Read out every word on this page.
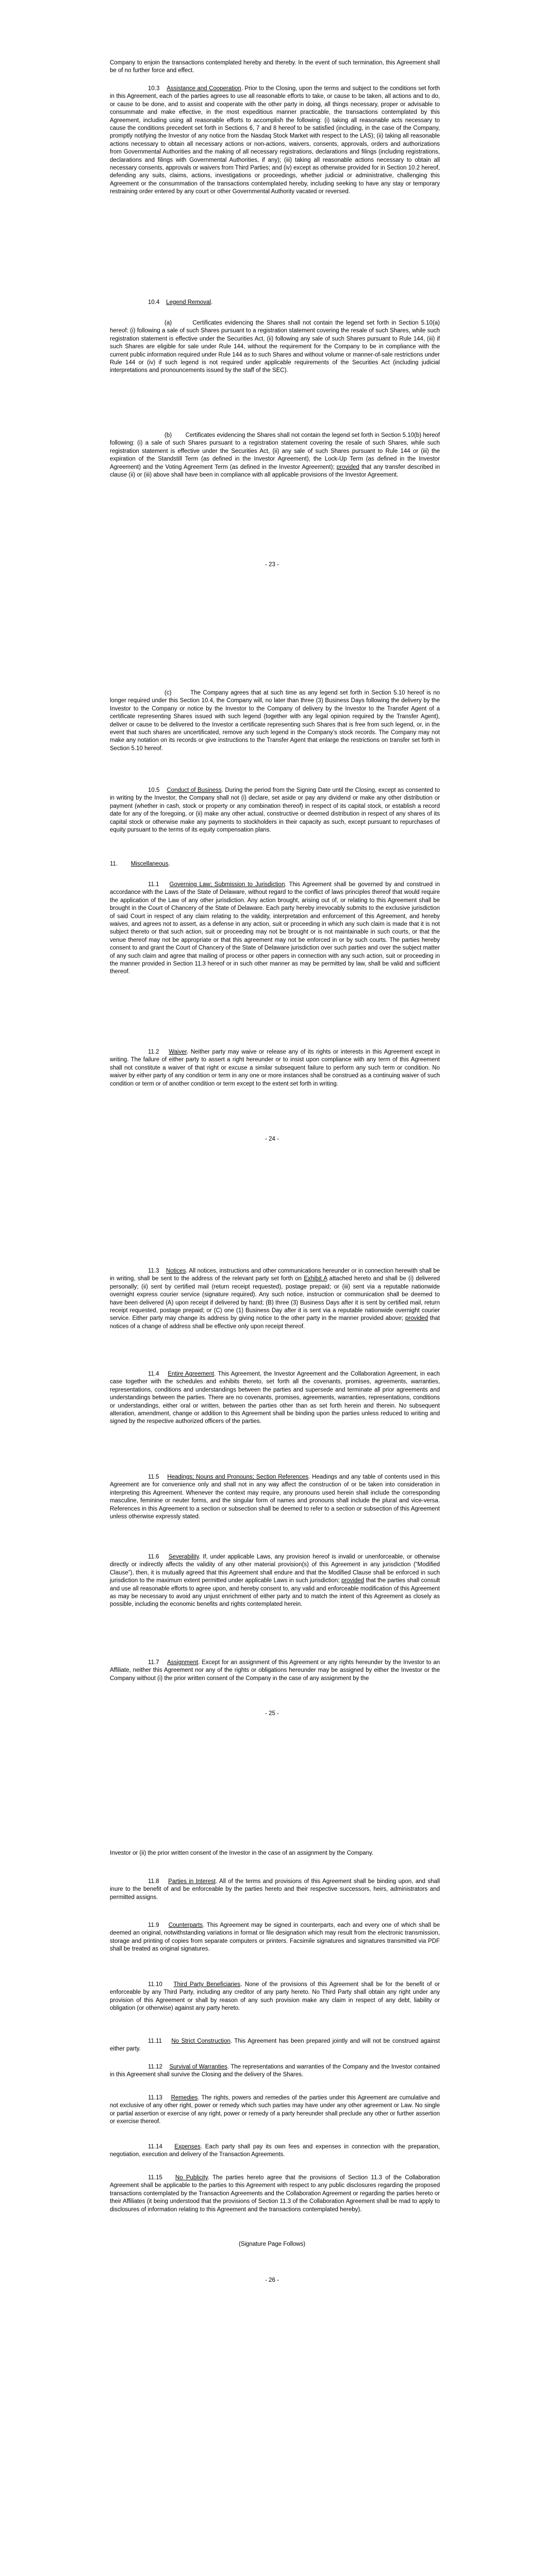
Company to enjoin the transactions contemplated hereby and thereby. In the event of such termination, this Agreement shall be of no further force and effect.

10.3 Assistance and Cooperation. Prior to the Closing, upon the terms and subject to the conditions set forth in this Agreement, each of the parties agrees to use all reasonable efforts to take, or cause to be taken, all actions and to do, or cause to be done, and to assist and cooperate with the other party in doing, all things necessary, proper or advisable to consummate and make effective, in the most expeditious manner practicable, the transactions contemplated by this Agreement, including using all reasonable efforts to accomplish the following: (i) taking all reasonable acts necessary to cause the conditions precedent set forth in Sections 6, 7 and 8 hereof to be satisfied (including, in the case of the Company, promptly notifying the Investor of any notice from the Nasdaq Stock Market with respect to the LAS); (ii) taking all reasonable actions necessary to obtain all necessary actions or non-actions, waivers, consents, approvals, orders and authorizations from Governmental Authorities and the making of all necessary registrations, declarations and filings (including registrations, declarations and filings with Governmental Authorities, if any); (iii) taking all reasonable actions necessary to obtain all necessary consents, approvals or waivers from Third Parties; and (iv) except as otherwise provided for in Section 10.2 hereof, defending any suits, claims, actions, investigations or proceedings, whether judicial or administrative, challenging this Agreement or the consummation of the transactions contemplated hereby, including seeking to have any stay or temporary restraining order entered by any court or other Governmental Authority vacated or reversed.

10.4 Legend Removal.

(a)	Certificates evidencing the Shares shall not contain the legend set forth in Section 5.10(a) hereof: (i) following a sale of such Shares pursuant to a registration statement covering the resale of such Shares, while such registration statement is effective under the Securities Act, (ii) following any sale of such Shares pursuant to Rule 144, (iii) if such Shares are eligible for sale under Rule 144, without the requirement for the Company to be in compliance with the current public information required under Rule 144 as to such Shares and without volume or manner-of-sale restrictions under Rule 144 or (iv) if such legend is not required under applicable requirements of the Securities Act (including judicial interpretations and pronouncements issued by the staff of the SEC).

(b) Certificates evidencing the Shares shall not contain the legend set forth in Section 5.10(b) hereof following: (i) a sale of such Shares pursuant to a registration statement covering the resale of such Shares, while such registration statement is effective under the Securities Act, (ii) any sale of such Shares pursuant to Rule 144 or (iii) the expiration of the Standstill Term (as defined in the Investor Agreement), the Lock-Up Term (as defined in the Investor Agreement) and the Voting Agreement Term (as defined in the Investor Agreement); provided that any transfer described in clause (ii) or (iii) above shall have been in compliance with all applicable provisions of the Investor Agreement.

- 23 -

(c)	The Company agrees that at such time as any legend set forth in Section 5.10 hereof is no longer required under this Section 10.4, the Company will, no later than three (3) Business Days following the delivery by the Investor to the Company or notice by the Investor to the Company of delivery by the Investor to the Transfer Agent of a certificate representing Shares issued with such legend (together with any legal opinion required by the Transfer Agent), deliver or cause to be delivered to the Investor a certificate representing such Shares that is free from such legend, or, in the event that such shares are uncertificated, remove any such legend in the Company’s stock records. The Company may not make any notation on its records or give instructions to the Transfer Agent that enlarge the restrictions on transfer set forth in Section 5.10 hereof.

10.5 Conduct of Business. During the period from the Signing Date until the Closing, except as consented to in writing by the Investor, the Company shall not (i) declare, set aside or pay any dividend or make any other distribution or payment (whether in cash, stock or property or any combination thereof) in respect of its capital stock, or establish a record date for any of the foregoing, or (ii) make any other actual, constructive or deemed distribution in respect of any shares of its capital stock or otherwise make any payments to stockholders in their capacity as such, except pursuant to repurchases of equity pursuant to the terms of its equity compensation plans.

11. Miscellaneous.

11.1 Governing Law; Submission to Jurisdiction. This Agreement shall be governed by and construed in accordance with the Laws of the State of Delaware, without regard to the conflict of laws principles thereof that would require the application of the Law of any other jurisdiction. Any action brought, arising out of, or relating to this Agreement shall be brought in the Court of Chancery of the State of Delaware. Each party hereby irrevocably submits to the exclusive jurisdiction of said Court in respect of any claim relating to the validity, interpretation and enforcement of this Agreement, and hereby waives, and agrees not to assert, as a defense in any action, suit or proceeding in which any such claim is made that it is not subject thereto or that such action, suit or proceeding may not be brought or is not maintainable in such courts, or that the venue thereof may not be appropriate or that this agreement may not be enforced in or by such courts. The parties hereby consent to and grant the Court of Chancery of the State of Delaware jurisdiction over such parties and over the subject matter of any such claim and agree that mailing of process or other papers in connection with any such action, suit or proceeding in the manner provided in Section 11.3 hereof or in such other manner as may be permitted by law, shall be valid and sufficient thereof.

11.2 Waiver. Neither party may waive or release any of its rights or interests in this Agreement except in writing. The failure of either party to assert a right hereunder or to insist upon compliance with any term of this Agreement shall not constitute a waiver of that right or excuse a similar subsequent failure to perform any such term or condition. No waiver by either party of any condition or term in any one or more instances shall be construed as a continuing waiver of such condition or term or of another condition or term except to the extent set forth in writing.

- 24 -

11.3 Notices. All notices, instructions and other communications hereunder or in connection herewith shall be in writing, shall be sent to the address of the relevant party set forth on Exhibit A attached hereto and shall be (i) delivered personally; (ii) sent by certified mail (return receipt requested), postage prepaid; or (iii) sent via a reputable nationwide overnight express courier service (signature required). Any such notice, instruction or communication shall be deemed to have been delivered (A) upon receipt if delivered by hand; (B) three (3) Business Days after it is sent by certified mail, return receipt requested, postage prepaid; or (C) one (1) Business Day after it is sent via a reputable nationwide overnight courier service. Either party may change its address by giving notice to the other party in the manner provided above; provided that notices of a change of address shall be effective only upon receipt thereof.

11.4 Entire Agreement. This Agreement, the Investor Agreement and the Collaboration Agreement, in each case together with the schedules and exhibits thereto, set forth all the covenants, promises, agreements, warranties, representations, conditions and understandings between the parties and supersede and terminate all prior agreements and understandings between the parties. There are no covenants, promises, agreements, warranties, representations, conditions or understandings, either oral or written, between the parties other than as set forth herein and therein. No subsequent alteration, amendment, change or addition to this Agreement shall be binding upon the parties unless reduced to writing and signed by the respective authorized officers of the parties.

11.5 Headings; Nouns and Pronouns; Section References. Headings and any table of contents used in this Agreement are for convenience only and shall not in any way affect the construction of or be taken into consideration in interpreting this Agreement. Whenever the context may require, any pronouns used herein shall include the corresponding masculine, feminine or neuter forms, and the singular form of names and pronouns shall include the plural and vice-versa. References in this Agreement to a section or subsection shall be deemed to refer to a section or subsection of this Agreement unless otherwise expressly stated.

11.6 Severability. If, under applicable Laws, any provision hereof is invalid or unenforceable, or otherwise directly or indirectly affects the validity of any other material provision(s) of this Agreement in any jurisdiction (“Modified Clause”), then, it is mutually agreed that this Agreement shall endure and that the Modified Clause shall be enforced in such jurisdiction to the maximum extent permitted under applicable Laws in such jurisdiction; provided that the parties shall consult and use all reasonable efforts to agree upon, and hereby consent to, any valid and enforceable modification of this Agreement as may be necessary to avoid any unjust enrichment of either party and to match the intent of this Agreement as closely as possible, including the economic benefits and rights contemplated herein.

11.7 Assignment. Except for an assignment of this Agreement or any rights hereunder by the Investor to an Affiliate, neither this Agreement nor any of the rights or obligations hereunder may be assigned by either the Investor or the Company without (i) the prior written consent of the Company in the case of any assignment by the

- 25 -

Investor or (ii) the prior written consent of the Investor in the case of an assignment by the Company.

11.8 Parties in Interest. All of the terms and provisions of this Agreement shall be binding upon, and shall inure to the benefit of and be enforceable by the parties hereto and their respective successors, heirs, administrators and permitted assigns.

11.9 Counterparts. This Agreement may be signed in counterparts, each and every one of which shall be deemed an original, notwithstanding variations in format or file designation which may result from the electronic transmission, storage and printing of copies from separate computers or printers. Facsimile signatures and signatures transmitted via PDF shall be treated as original signatures.

11.10 Third Party Beneficiaries. None of the provisions of this Agreement shall be for the benefit of or enforceable by any Third Party, including any creditor of any party hereto. No Third Party shall obtain any right under any provision of this Agreement or shall by reason of any such provision make any claim in respect of any debt, liability or obligation (or otherwise) against any party hereto.

11.11 No Strict Construction. This Agreement has been prepared jointly and will not be construed against either party.

11.12 Survival of Warranties. The representations and warranties of the Company and the Investor contained in this Agreement shall survive the Closing and the delivery of the Shares.

11.13 Remedies. The rights, powers and remedies of the parties under this Agreement are cumulative and not exclusive of any other right, power or remedy which such parties may have under any other agreement or Law. No single or partial assertion or exercise of any right, power or remedy of a party hereunder shall preclude any other or further assertion or exercise thereof.

11.14 Expenses. Each party shall pay its own fees and expenses in connection with the preparation, negotiation, execution and delivery of the Transaction Agreements.

11.15 No Publicity. The parties hereto agree that the provisions of Section 11.3 of the Collaboration Agreement shall be applicable to the parties to this Agreement with respect to any public disclosures regarding the proposed transactions contemplated by the Transaction Agreements and the Collaboration Agreement or regarding the parties hereto or their Affiliates (it being understood that the provisions of Section 11.3 of the Collaboration Agreement shall be mad to apply to disclosures of information relating to this Agreement and the transactions contemplated hereby).

(Signature Page Follows)
- 26 -
